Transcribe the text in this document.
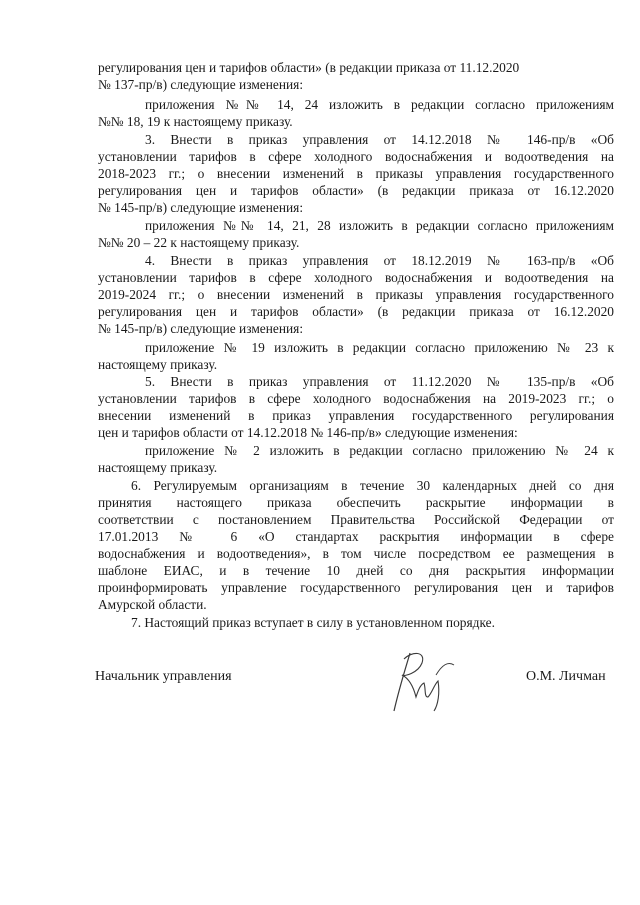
регулирования цен и тарифов области» (в редакции приказа от 11.12.2020
№ 137-пр/в) следующие изменения:
приложения №№ 14, 24 изложить в редакции согласно приложениям
№№ 18, 19 к настоящему приказу.
3. Внести в приказ управления от 14.12.2018 № 146-пр/в «Об
установлении тарифов в сфере холодного водоснабжения и водоотведения на
2018-2023 гг.; о внесении изменений в приказы управления государственного
регулирования цен и тарифов области» (в редакции приказа от 16.12.2020
№ 145-пр/в) следующие изменения:
приложения №№ 14, 21, 28 изложить в редакции согласно приложениям
№№ 20 – 22 к настоящему приказу.
4. Внести в приказ управления от 18.12.2019 № 163-пр/в «Об
установлении тарифов в сфере холодного водоснабжения и водоотведения на
2019-2024 гг.; о внесении изменений в приказы управления государственного
регулирования цен и тарифов области» (в редакции приказа от 16.12.2020
№ 145-пр/в) следующие изменения:
приложение № 19 изложить в редакции согласно приложению № 23 к
настоящему приказу.
5. Внести в приказ управления от 11.12.2020 № 135-пр/в «Об
установлении тарифов в сфере холодного водоснабжения на 2019-2023 гг.; о
внесении изменений в приказ управления государственного регулирования
цен и тарифов области от 14.12.2018 № 146-пр/в» следующие изменения:
приложение № 2 изложить в редакции согласно приложению № 24 к
настоящему приказу.
6. Регулируемым организациям в течение 30 календарных дней со дня
принятия настоящего приказа обеспечить раскрытие информации в
соответствии с постановлением Правительства Российской Федерации от
17.01.2013 № 6 «О стандартах раскрытия информации в сфере
водоснабжения и водоотведения», в том числе посредством ее размещения в
шаблоне ЕИАС, и в течение 10 дней со дня раскрытия информации
проинформировать управление государственного регулирования цен и тарифов
Амурской области.
7. Настоящий приказ вступает в силу в установленном порядке.
Начальник управления	О.М. Личман
